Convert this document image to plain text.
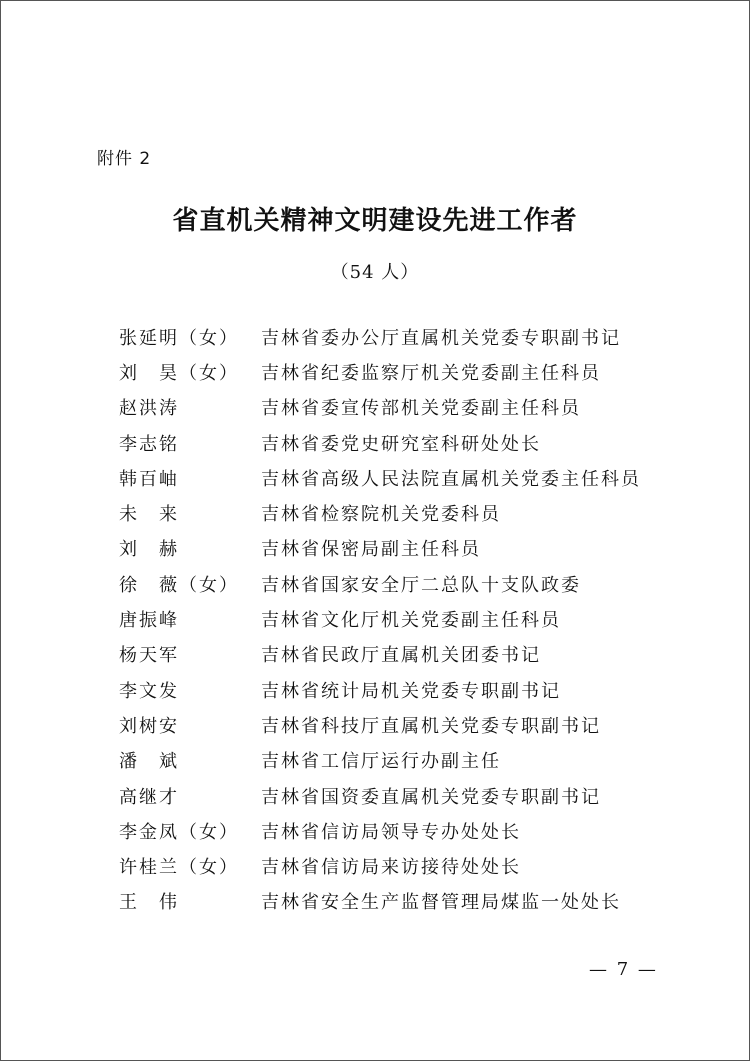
附件 2
省直机关精神文明建设先进工作者
（54 人）
张延明（女）	吉林省委办公厅直属机关党委专职副书记
刘　昊（女）	吉林省纪委监察厅机关党委副主任科员
赵洪涛	吉林省委宣传部机关党委副主任科员
李志铭	吉林省委党史研究室科研处处长
韩百岫	吉林省高级人民法院直属机关党委主任科员
未　来	吉林省检察院机关党委科员
刘　赫	吉林省保密局副主任科员
徐　薇（女）	吉林省国家安全厅二总队十支队政委
唐振峰	吉林省文化厅机关党委副主任科员
杨天军	吉林省民政厅直属机关团委书记
李文发	吉林省统计局机关党委专职副书记
刘树安	吉林省科技厅直属机关党委专职副书记
潘　斌	吉林省工信厅运行办副主任
高继才	吉林省国资委直属机关党委专职副书记
李金凤（女）	吉林省信访局领导专办处处长
许桂兰（女）	吉林省信访局来访接待处处长
王　伟	吉林省安全生产监督管理局煤监一处处长
— 7 —
